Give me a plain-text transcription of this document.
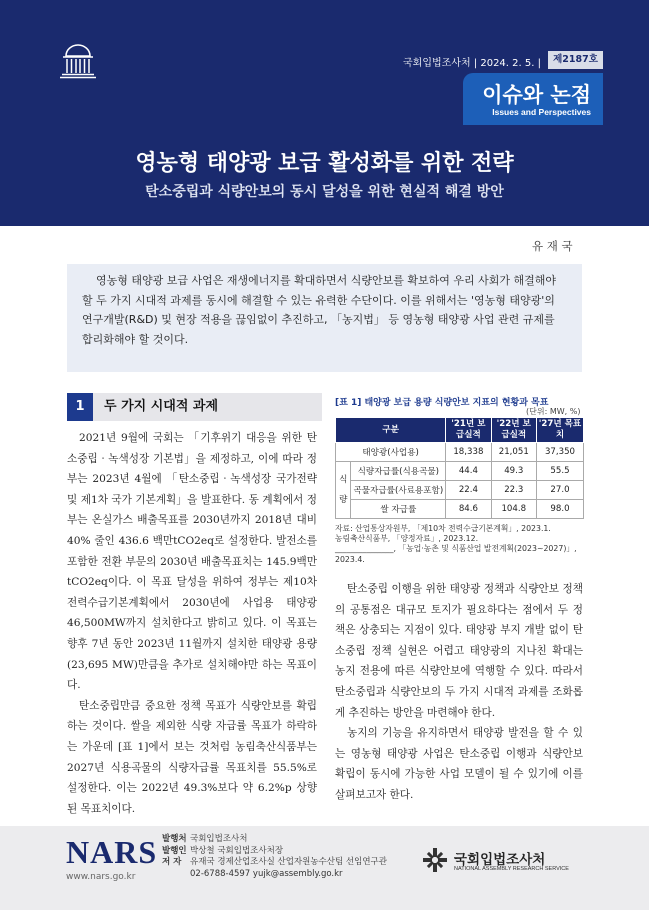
국회입법조사처 | 2024. 2. 5. |	제2187호
이슈와 논점
Issues and Perspectives
영농형 태양광 보급 활성화를 위한 전략
탄소중립과 식량안보의 동시 달성을 위한 현실적 해결 방안
유 재 국
영농형 태양광 보급 사업은 재생에너지를 확대하면서 식량안보를 확보하여 우리 사회가 해결해야 할 두 가지 시대적 과제를 동시에 해결할 수 있는 유력한 수단이다. 이를 위해서는 '영농형 태양광'의 연구개발(R&D) 및 현장 적용을 끊임없이 추진하고, 「농지법」 등 영농형 태양광 사업 관련 규제를 합리화해야 할 것이다.
1	두 가지 시대적 과제

2021년 9월에 국회는 「기후위기 대응을 위한 탄소중립‧녹색성장 기본법」을 제정하고, 이에 따라 정부는 2023년 4월에 「탄소중립‧녹색성장 국가전략 및 제1차 국가 기본계획」을 발표한다. 동 계획에서 정부는 온실가스 배출목표를 2030년까지 2018년 대비 40% 줄인 436.6 백만tCO2eq로 설정한다. 발전소를 포함한 전환 부문의 2030년 배출목표치는 145.9백만tCO2eq이다. 이 목표 달성을 위하여 정부는 제10차 전력수급기본계획에서 2030년에 사업용 태양광 46,500MW까지 설치한다고 밝히고 있다. 이 목표는 향후 7년 동안 2023년 11월까지 설치한 태양광 용량(23,695 MW)만큼을 추가로 설치해야만 하는 목표이다.

탄소중립만큼 중요한 정책 목표가 식량안보를 확립하는 것이다. 쌀을 제외한 식량 자급률 목표가 하락하는 가운데 [표 1]에서 보는 것처럼 농림축산식품부는 2027년 식용곡물의 식량자급률 목표치를 55.5%로 설정한다. 이는 2022년 49.3%보다 약 6.2%p 상향된 목표치이다.

[표 1] 태양광 보급 용량 식량안보 지표의 현황과 목표
(단위: MW, %)
구분		'21년 보급실적	'22년 보급실적	'27년 목표치
태양광(사업용)		18,338	21,051	37,350
식량	식량자급률(식용곡물)	44.4	49.3	55.5
	곡물자급률(사료용포함)	22.4	22.3	27.0
	쌀 자급률	84.6	104.8	98.0
자료: 산업통상자원부, 「제10차 전력수급기본계획」, 2023.1.
농림축산식품부, 「양정자료」, 2023.12.
_______________, 「농업·농촌 및 식품산업 발전계획(2023~2027)」,
2023.4.

탄소중립 이행을 위한 태양광 정책과 식량안보 정책의 공통점은 대규모 토지가 필요하다는 점에서 두 정책은 상충되는 지점이 있다. 태양광 부지 개발 없이 탄소중립 정책 실현은 어렵고 태양광의 지나친 확대는 농지 전용에 따른 식량안보에 역행할 수 있다. 따라서 탄소중립과 식량안보의 두 가지 시대적 과제를 조화롭게 추진하는 방안을 마련해야 한다.

농지의 기능을 유지하면서 태양광 발전을 할 수 있는 영농형 태양광 사업은 탄소중립 이행과 식량안보 확립이 동시에 가능한 사업 모델이 될 수 있기에 이를 살펴보고자 한다.

NARS
www.nars.go.kr
발행처 국회입법조사처
발행인 박상철 국회입법조사처장
저 자 유재국 경제산업조사실 산업자원농수산팀 선임연구관
02-6788-4597 yujk@assembly.go.kr
국회입법조사처
NATIONAL ASSEMBLY RESEARCH SERVICE
